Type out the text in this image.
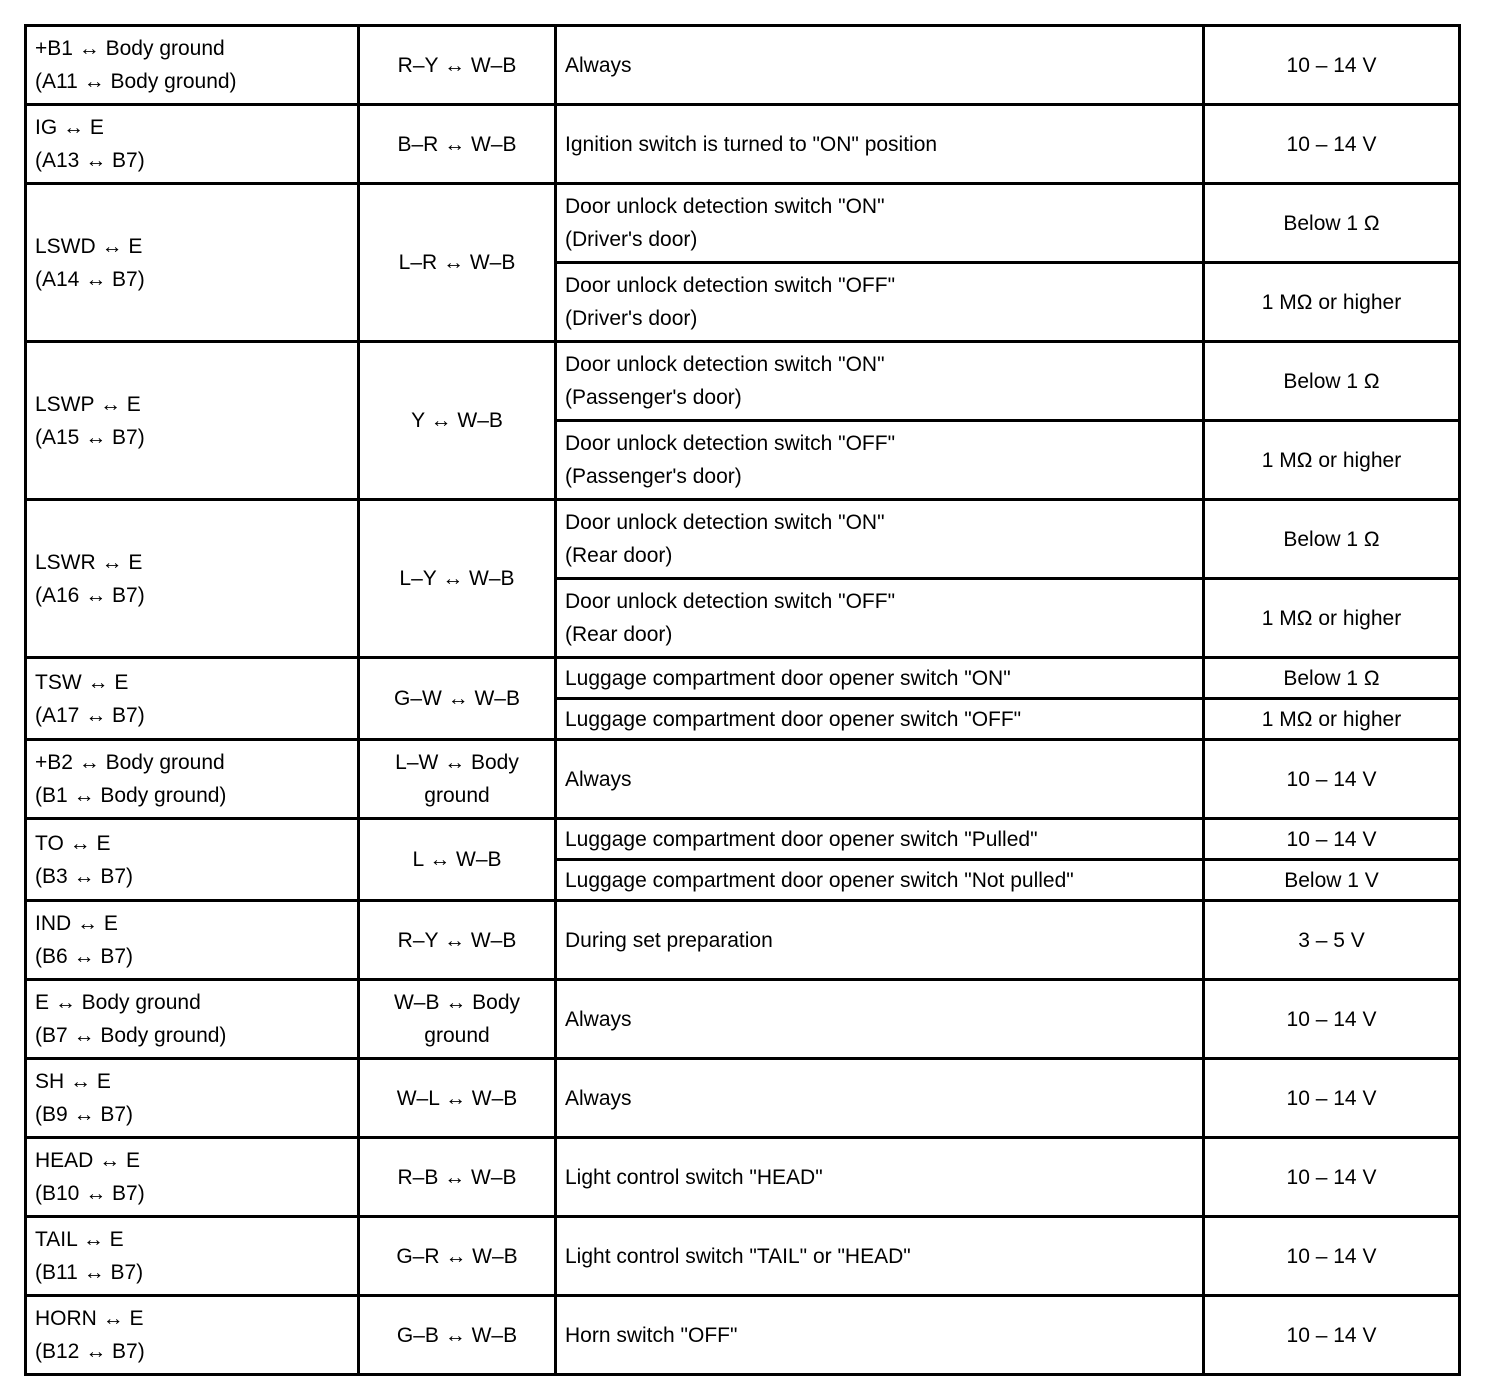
+B1 ↔ Body ground
(A11 ↔ Body ground)	R–Y ↔ W–B	Always	10 – 14 V

IG ↔ E
(A13 ↔ B7)	B–R ↔ W–B	Ignition switch is turned to "ON" position	10 – 14 V

LSWD ↔ E
(A14 ↔ B7)	L–R ↔ W–B	Door unlock detection switch "ON"
(Driver's door)	Below 1 Ω

		Door unlock detection switch "OFF"
(Driver's door)	1 MΩ or higher

LSWP ↔ E
(A15 ↔ B7)	Y ↔ W–B	Door unlock detection switch "ON"
(Passenger's door)	Below 1 Ω

		Door unlock detection switch "OFF"
(Passenger's door)	1 MΩ or higher

LSWR ↔ E
(A16 ↔ B7)	L–Y ↔ W–B	Door unlock detection switch "ON"
(Rear door)	Below 1 Ω

		Door unlock detection switch "OFF"
(Rear door)	1 MΩ or higher

TSW ↔ E
(A17 ↔ B7)	G–W ↔ W–B	Luggage compartment door opener switch "ON"	Below 1 Ω

		Luggage compartment door opener switch "OFF"	1 MΩ or higher

+B2 ↔ Body ground
(B1 ↔ Body ground)	L–W ↔ Body
ground	Always	10 – 14 V

TO ↔ E
(B3 ↔ B7)	L ↔ W–B	Luggage compartment door opener switch "Pulled"	10 – 14 V

		Luggage compartment door opener switch "Not pulled"	Below 1 V

IND ↔ E
(B6 ↔ B7)	R–Y ↔ W–B	During set preparation	3 – 5 V

E ↔ Body ground
(B7 ↔ Body ground)	W–B ↔ Body
ground	Always	10 – 14 V

SH ↔ E
(B9 ↔ B7)	W–L ↔ W–B	Always	10 – 14 V

HEAD ↔ E
(B10 ↔ B7)	R–B ↔ W–B	Light control switch "HEAD"	10 – 14 V

TAIL ↔ E
(B11 ↔ B7)	G–R ↔ W–B	Light control switch "TAIL" or "HEAD"	10 – 14 V

HORN ↔ E
(B12 ↔ B7)	G–B ↔ W–B	Horn switch "OFF"	10 – 14 V
